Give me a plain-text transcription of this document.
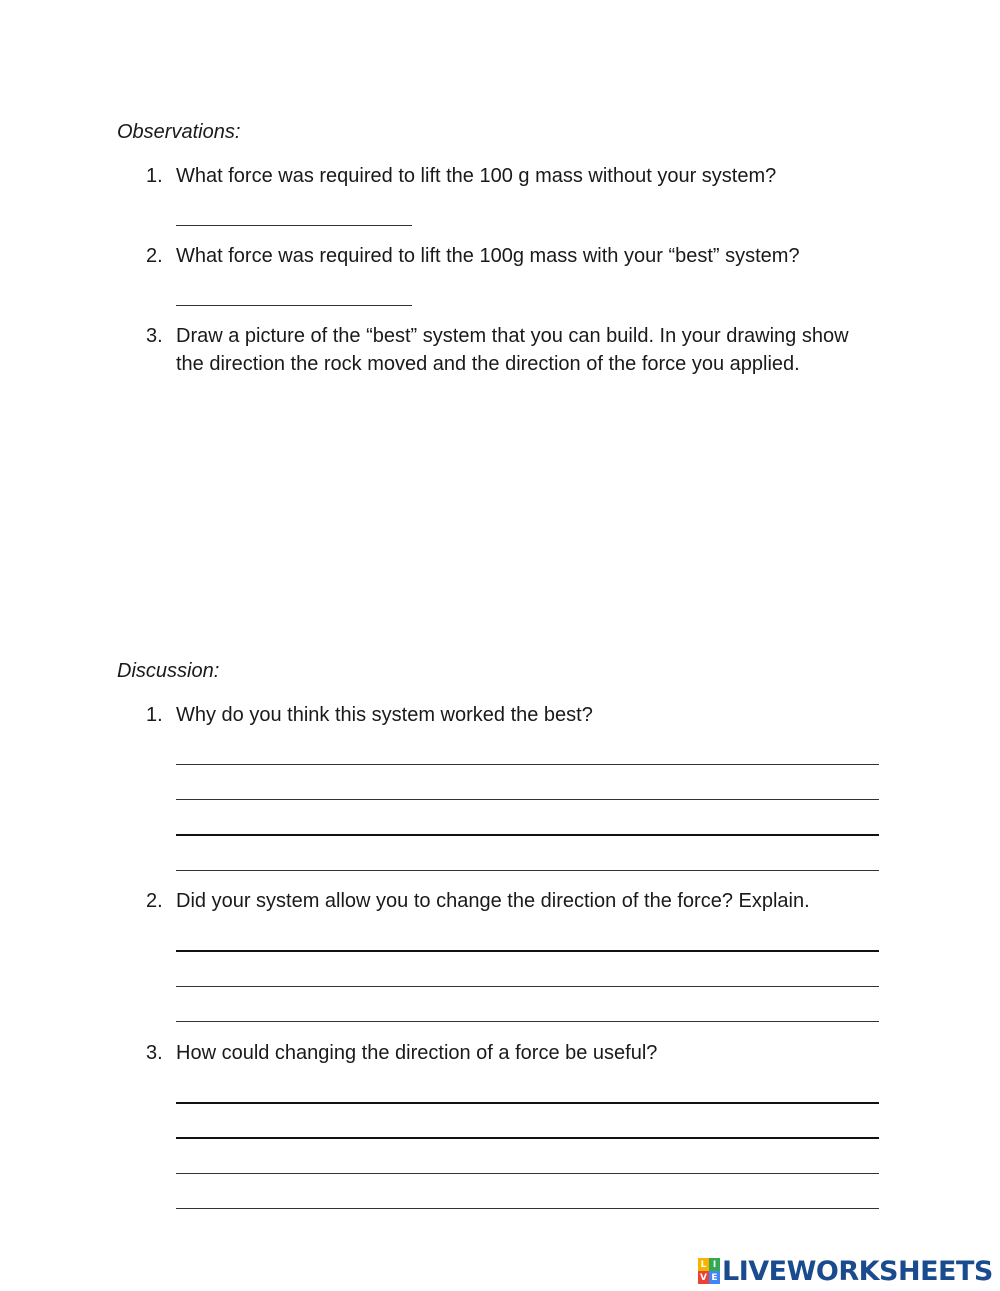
Observations:
1. What force was required to lift the 100 g mass without your system?
2. What force was required to lift the 100g mass with your “best” system?
3. Draw a picture of the “best” system that you can build. In your drawing show the direction the rock moved and the direction of the force you applied.
Discussion:
1. Why do you think this system worked the best?
2. Did your system allow you to change the direction of the force? Explain.
3. How could changing the direction of a force be useful?
L I
V E LIVEWORKSHEETS
